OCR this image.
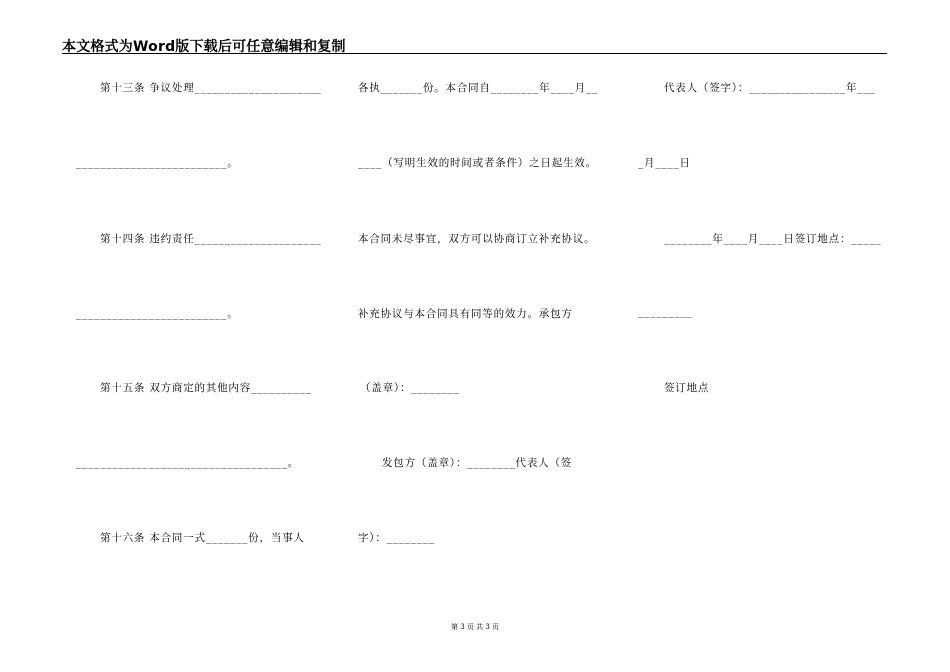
本文格式为Word版下载后可任意编辑和复制
第十三条 争议处理_____________________
_________________________。
第十四条 违约责任_____________________
_________________________。
第十五条 双方商定的其他内容__________
___________________________________。
第十六条 本合同一式_______份，当事人
各执_______份。本合同自________年____月__
____（写明生效的时间或者条件）之日起生效。
本合同未尽事宜，双方可以协商订立补充协议。
补充协议与本合同具有同等的效力。承包方
（盖章）：________
发包方（盖章）：________代表人（签
字）：________
代表人（签字）：________________年___
_月____日
________年____月____日签订地点：_____
_________
签订地点
第 3 页 共 3 页
